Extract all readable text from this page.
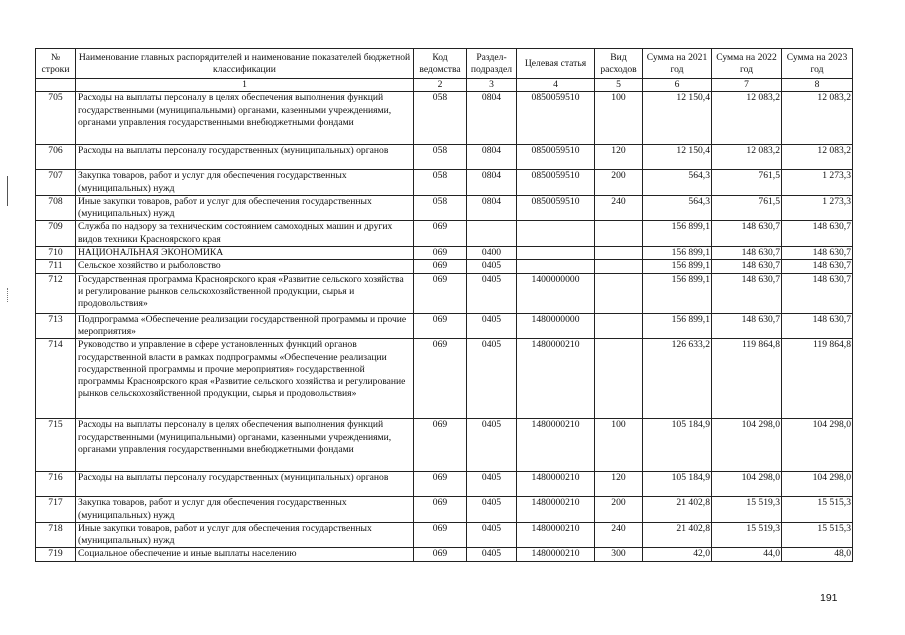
№ строки	Наименование главных распорядителей и наименование показателей бюджетной классификации	Код ведомства	Раздел-подраздел	Целевая статья	Вид расходов	Сумма на 2021 год	Сумма на 2022 год	Сумма на 2023 год
	1	2	3	4	5	6	7	8
705	Расходы на выплаты персоналу в целях обеспечения выполнения функций государственными (муниципальными) органами, казенными учреждениями, органами управления государственными внебюджетными фондами	058	0804	0850059510	100	12 150,4	12 083,2	12 083,2
706	Расходы на выплаты персоналу государственных (муниципальных) органов	058	0804	0850059510	120	12 150,4	12 083,2	12 083,2
707	Закупка товаров, работ и услуг для обеспечения государственных (муниципальных) нужд	058	0804	0850059510	200	564,3	761,5	1 273,3
708	Иные закупки товаров, работ и услуг для обеспечения государственных (муниципальных) нужд	058	0804	0850059510	240	564,3	761,5	1 273,3
709	Служба по надзору за техническим состоянием самоходных машин и других видов техники Красноярского края	069				156 899,1	148 630,7	148 630,7
710	НАЦИОНАЛЬНАЯ ЭКОНОМИКА	069	0400			156 899,1	148 630,7	148 630,7
711	Сельское хозяйство и рыболовство	069	0405			156 899,1	148 630,7	148 630,7
712	Государственная программа Красноярского края «Развитие сельского хозяйства и регулирование рынков сельскохозяйственной продукции, сырья и продовольствия»	069	0405	1400000000		156 899,1	148 630,7	148 630,7
713	Подпрограмма «Обеспечение реализации государственной программы и прочие мероприятия»	069	0405	1480000000		156 899,1	148 630,7	148 630,7
714	Руководство и управление в сфере установленных функций органов государственной власти в рамках подпрограммы «Обеспечение реализации государственной программы и прочие мероприятия» государственной программы Красноярского края «Развитие сельского хозяйства и регулирование рынков сельскохозяйственной продукции, сырья и продовольствия»	069	0405	1480000210		126 633,2	119 864,8	119 864,8
715	Расходы на выплаты персоналу в целях обеспечения выполнения функций государственными (муниципальными) органами, казенными учреждениями, органами управления государственными внебюджетными фондами	069	0405	1480000210	100	105 184,9	104 298,0	104 298,0
716	Расходы на выплаты персоналу государственных (муниципальных) органов	069	0405	1480000210	120	105 184,9	104 298,0	104 298,0
717	Закупка товаров, работ и услуг для обеспечения государственных (муниципальных) нужд	069	0405	1480000210	200	21 402,8	15 519,3	15 515,3
718	Иные закупки товаров, работ и услуг для обеспечения государственных (муниципальных) нужд	069	0405	1480000210	240	21 402,8	15 519,3	15 515,3
719	Социальное обеспечение и иные выплаты населению	069	0405	1480000210	300	42,0	44,0	48,0
191
